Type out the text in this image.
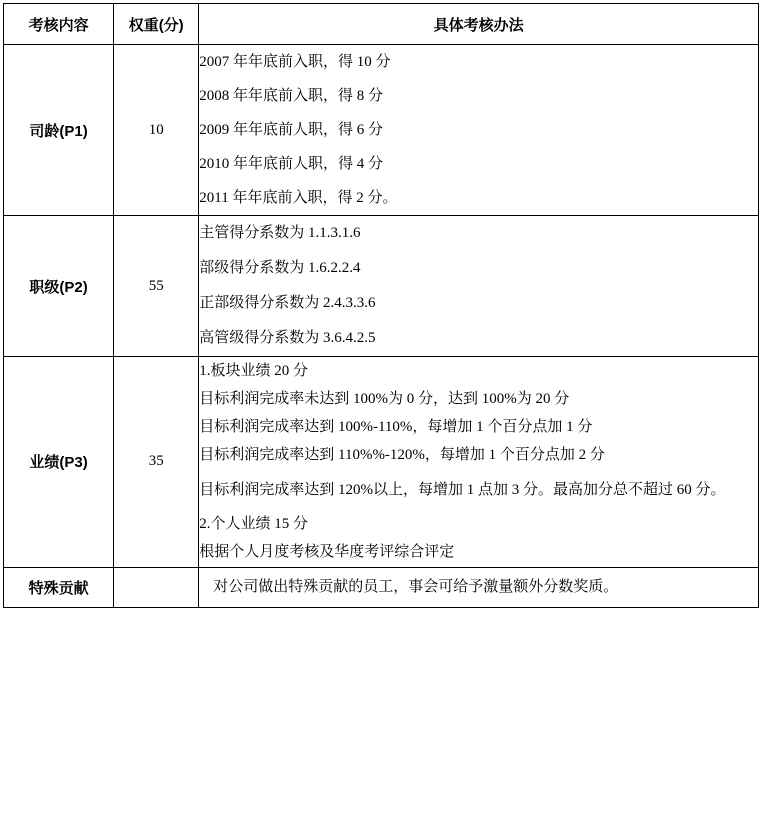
考核内容	权重(分)	具体考核办法
司龄(P1)	10	2007 年年底前入职，得 10 分
2008 年年底前入职，得 8 分
2009 年年底前人职，得 6 分
2010 年年底前人职，得 4 分
2011 年年底前入职，得 2 分。

职级(P2)	55	主管得分系数为 1.1.3.1.6
部级得分系数为 1.6.2.2.4
正部级得分系数为 2.4.3.3.6
高管级得分系数为 3.6.4.2.5

业绩(P3)	35	
1.板块业绩 20 分
目标利润完成率未达到 100%为 0 分，达到 100%为 20 分
目标利润完成率达到 100%-110%，每增加 1 个百分点加 1 分
目标利润完成率达到 110%%-120%，每增加 1 个百分点加 2 分
目标利润完成率达到 120%以上，每增加 1 点加 3 分。最高加分总不超过 60 分。
2.个人业绩 15 分
根据个人月度考核及华度考评综合评定

特殊贡献		对公司做出特殊贡献的员工，事会可给予激量额外分数奖质。
